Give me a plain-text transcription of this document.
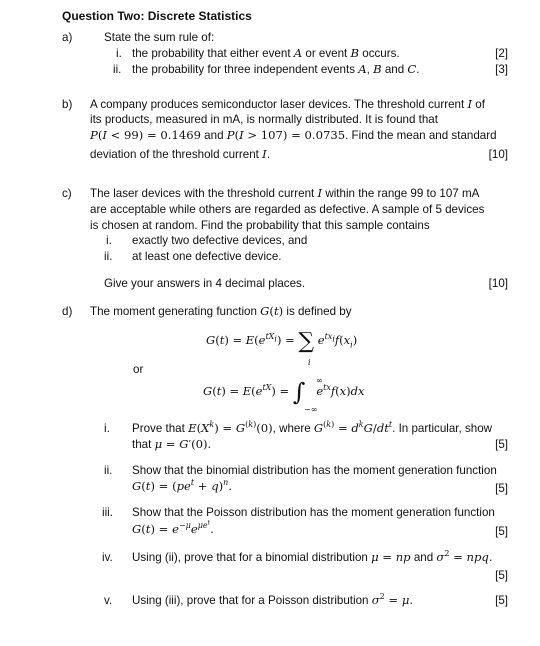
Question Two: Discrete Statistics
a)	State the sum rule of:
i. the probability that either event A or event B occurs.	[2]
ii. the probability for three independent events A, B and C.	[3]
b) A company produces semiconductor laser devices. The threshold current I of
its products, measured in mA, is normally distributed. It is found that
P(I < 99) = 0.1469 and P(I > 107) = 0.0735. Find the mean and standard
deviation of the threshold current I.	[10]
c) The laser devices with the threshold current I within the range 99 to 107 mA
are acceptable while others are regarded as defective. A sample of 5 devices
is chosen at random. Find the probability that this sample contains
i. exactly two defective devices, and
ii. at least one defective device.
Give your answers in 4 decimal places.	[10]
d) The moment generating function G(t) is defined by
$G(t) = E(e^{tX_i})$ = ∑ $e^{tx_i}f(x_i)$
i
or
$G(t) = E(e^{tX})$ = ∫ $e^{tx}f(x)dx$
∞
−∞
i. Prove that $E(X^k) = G^{(k)}(0)$, where $G^{(k)} = d^kG/dt^t$. In particular, show
that μ = G′(0).	[5]
ii. Show that the binomial distribution has the moment generation function
$G(t) = (pe^t + q)^n$.	[5]
iii. Show that the Poisson distribution has the moment generation function
$G(t) = e^{-\mu}e^{\mu e^t}$.	[5]
iv. Using (ii), prove that for a binomial distribution μ = np and $\sigma^2$ = npq.
[5]
v. Using (iii), prove that for a Poisson distribution $\sigma^2 = \mu$.	[5]
